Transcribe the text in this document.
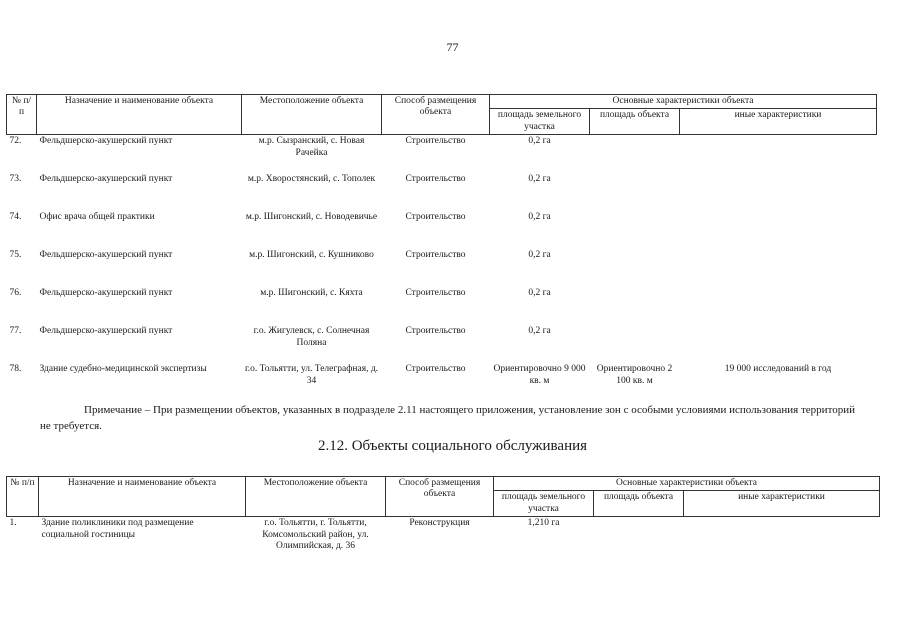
77
№ п/п	Назначение и наименование объекта	Местоположение объекта	Способ размещения объекта	Основные характеристики объекта		
				площадь земельного участка	площадь объекта	иные характеристики
72.	Фельдшерско-акушерский пункт	м.р. Сызранский, с. Новая Рачейка	Строительство	0,2 га		
73.	Фельдшерско-акушерский пункт	м.р. Хворостянский, с. Тополек	Строительство	0,2 га		
74.	Офис врача общей практики	м.р. Шигонский, с. Новодевичье	Строительство	0,2 га		
75.	Фельдшерско-акушерский пункт	м.р. Шигонский, с. Кушниково	Строительство	0,2 га		
76.	Фельдшерско-акушерский пункт	м.р. Шигонский, с. Кяхта	Строительство	0,2 га		
77.	Фельдшерско-акушерский пункт	г.о. Жигулевск, с. Солнечная Поляна	Строительство	0,2 га		
78.	Здание судебно-медицинской экспертизы	г.о. Тольятти, ул. Телеграфная, д. 34	Строительство	Ориентировочно 9 000 кв. м	Ориентировочно 2 100 кв. м	19 000 исследований в год
Примечание – При размещении объектов, указанных в подразделе 2.11 настоящего приложения, установление зон с особыми условиями использования территорий не требуется.
2.12. Объекты социального обслуживания
№ п/п	Назначение и наименование объекта	Местоположение объекта	Способ размещения объекта	Основные характеристики объекта		
				площадь земельного участка	площадь объекта	иные характеристики
1.	Здание поликлиники под размещение социальной гостиницы	г.о. Тольятти, г. Тольятти, Комсомольский район, ул. Олимпийская, д. 36	Реконструкция	1,210 га		
